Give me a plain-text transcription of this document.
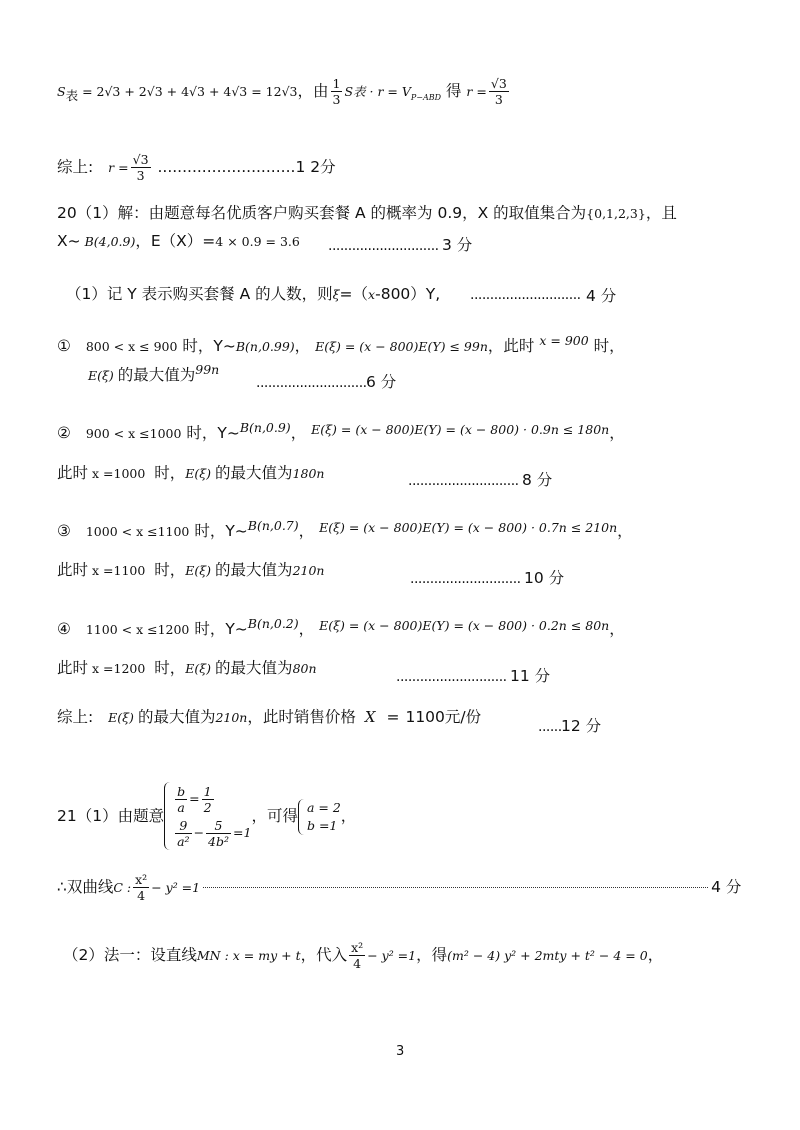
$S_表 = 2√3 + 2√3 + 4√3 + 4√3 = 12√3$，由 $\frac{1}{3}$ S表 · $r = V_{P-ABD}$ 得 $r = \frac{√3}{3}$
综上: $r = \frac{√3}{3} ............................1$ 2分
20（1）解：由题意每名优质客户购买套餐 A 的概率为 0.9，X 的取值集合为{0,1,2,3}，且
X~ B(4,0.9)，E（X）=4 × 0.9 = 3.6 ............................ 3 分
（1）记 Y 表示购买套餐 A 的人数，则ξ=（x-800）Y, ............................ 4 分
① 800 < x ≤ 900 时，Y~B(n,0.99)， E(ξ) = (x − 800)E(Y) ≤ 99n，此时 $^{x = 900}$ 时，
E(ξ) 的最大值为$^{99n}$
............................ 6 分
② 900 < x ≤1000 时，Y~$^{B(n,0.9)}$， $^{E(\xi) = (x - 800)E(Y) = (x - 800) \cdot 0.9n \le 180n}$，
此时 x =1000 时，E(ξ) 的最大值为180n	............................ 8 分
③ 1000 < x ≤1100 时，Y~$^{B(n,0.7)}$， $^{E(\xi) = (x - 800)E(Y) = (x - 800) \cdot 0.7n \le 210n}$，
此时 x =1100 时，E(ξ) 的最大值为210n
............................ 10 分
④ 1100 < x ≤1200 时，Y~$^{B(n,0.2)}$， $^{E(\xi) = (x - 800)E(Y) = (x - 800) \cdot 0.2n \le 80n}$，
此时 x =1200 时，E(ξ) 的最大值为80n
............................ 11 分
综上: E(ξ) 的最大值为210n，此时销售价格 X = 1100元/份
...... 12 分
21（1）由题意
$\frac{b}{a} = \frac{1}{2}$
$\frac{9}{\text{a²}} - \frac{5}{\text{4b²}} =1$
，可得 a = 2
b =1 ，
∴双曲线C : $\frac{\text{x²}}{4} - y^2 =1$	4 分
（2）法一：设直线MN : x = my + t，代入 $\frac{\text{x²}}{4} - y^2 =1$，得(m² − 4) y² + 2mty + t² − 4 = 0，
3
